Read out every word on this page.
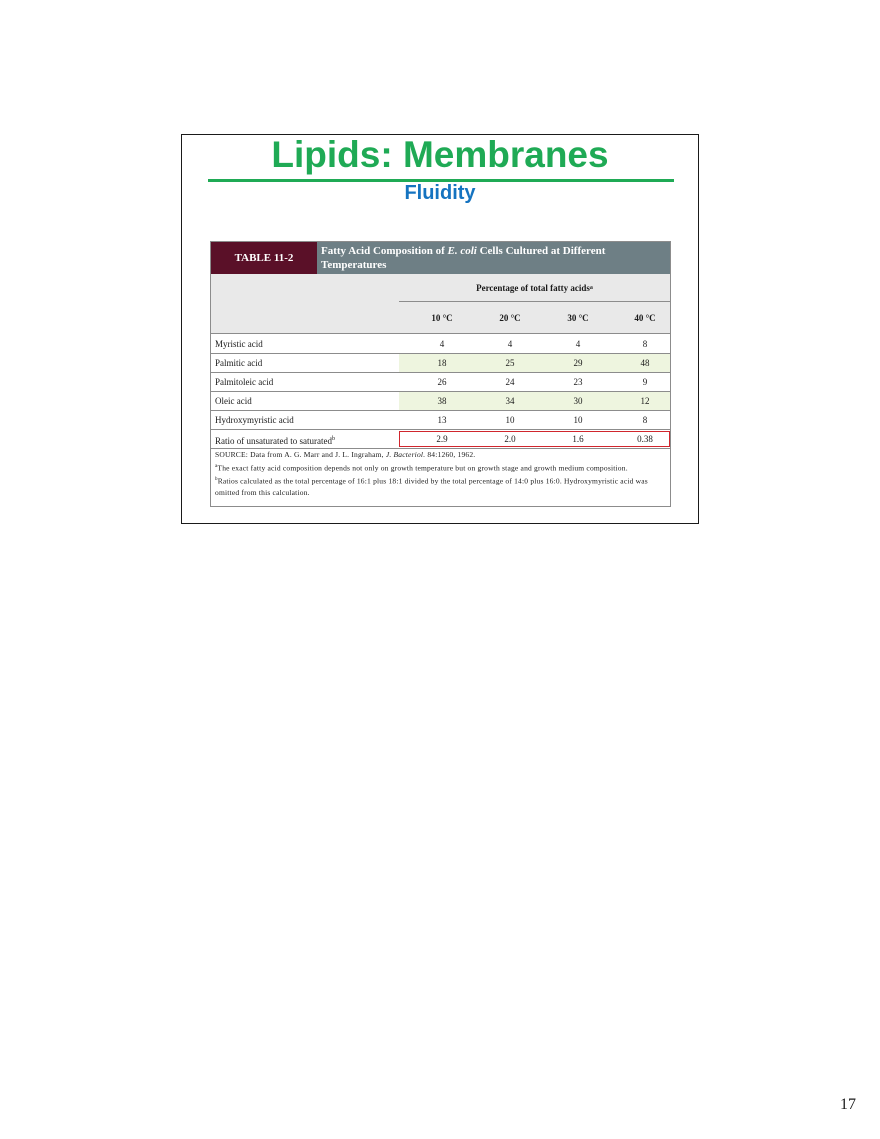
Lipids: Membranes
Fluidity
TABLE 11-2
Fatty Acid Composition of E. coli Cells Cultured at Different Temperatures
Percentage of total fatty acids a
10 °C	20 °C	30 °C	40 °C
Myristic acid	4	4	4	8
Palmitic acid	18	25	29	48
Palmitoleic acid	26	24	23	9
Oleic acid	38	34	30	12
Hydroxymyristic acid	13	10	10	8
Ratio of unsaturated to saturated$^b$	2.9	2.0	1.6	0.38
SOURCE: Data from A. G. Marr and J. L. Ingraham, J. Bacteriol. 84:1260, 1962.
$^a$The exact fatty acid composition depends not only on growth temperature but on growth stage and growth medium composition.
$^b$Ratios calculated as the total percentage of 16:1 plus 18:1 divided by the total percentage of 14:0 plus 16:0. Hydroxymyristic acid was omitted from this calculation.
17
